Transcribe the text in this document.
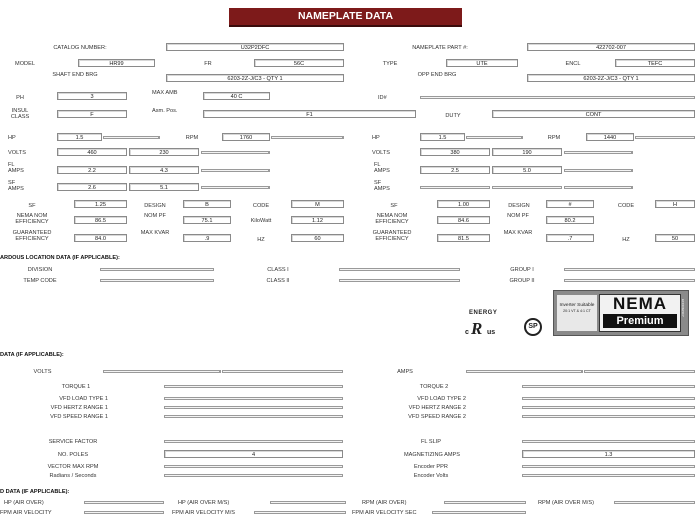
NAMEPLATE DATA
CATALOG NUMBER:	U32P2DFC	NAMEPLATE PART #:	422702-007
MODEL	HR99	FR	56C	TYPE	UTE	ENCL	TEFC
SHAFT END BRG
6203-2Z-J/C3 - QTY 1
OPP END BRG
6203-2Z-J/C3 - QTY 1
PH	3
MAX AMB
40 C	ID#
INSUL CLASS	F
Asm. Pos.
F1	DUTY	CONT
HP	1.5	RPM	1760
VOLTS	460	230
FL AMPS	2.2	4.3
SF AMPS	2.6	5.1
SF	1.25	DESIGN	B	CODE	M
NEMA NOM EFFICIENCY	86.5
NOM PF
75.1	KiloWatt	1.12
GUARANTEED EFFICIENCY	84.0
MAX KVAR
.9	HZ	60
HP	1.5	RPM	1440
VOLTS	380	190
FL AMPS	2.5	5.0
SF AMPS
SF	1.00	DESIGN	#	CODE	H
NEMA NOM EFFICIENCY	84.6
NOM PF
80.2
GUARANTEED EFFICIENCY	81.5
MAX KVAR
.7	HZ	50
ARDOUS LOCATION DATA (IF APPLICABLE):
DIVISION	CLASS I	GROUP I
TEMP CODE	CLASS II	GROUP II
ENERGY
c R us
SP
Inverter Suitable
20:1 VT & 4:1 CT	NEMA
Premium
EFFICIENCY
DATA (IF APPLICABLE):
VOLTS	AMPS
TORQUE 1	TORQUE 2
VFD LOAD TYPE 1	VFD LOAD TYPE 2
VFD HERTZ RANGE 1	VFD HERTZ RANGE 2
VFD SPEED RANGE 1	VFD SPEED RANGE 2
SERVICE FACTOR	FL SLIP
NO. POLES	4	MAGNETIZING AMPS	1.3
VECTOR MAX RPM	Encoder PPR
Radians / Seconds	Encoder Volts
D DATA (IF APPLICABLE):
HP (AIR OVER)	HP (AIR OVER M/S)	RPM (AIR OVER)	RPM (AIR OVER M/S)
FPM AIR VELOCITY	FPM AIR VELOCITY M/S	FPM AIR VELOCITY SEC
